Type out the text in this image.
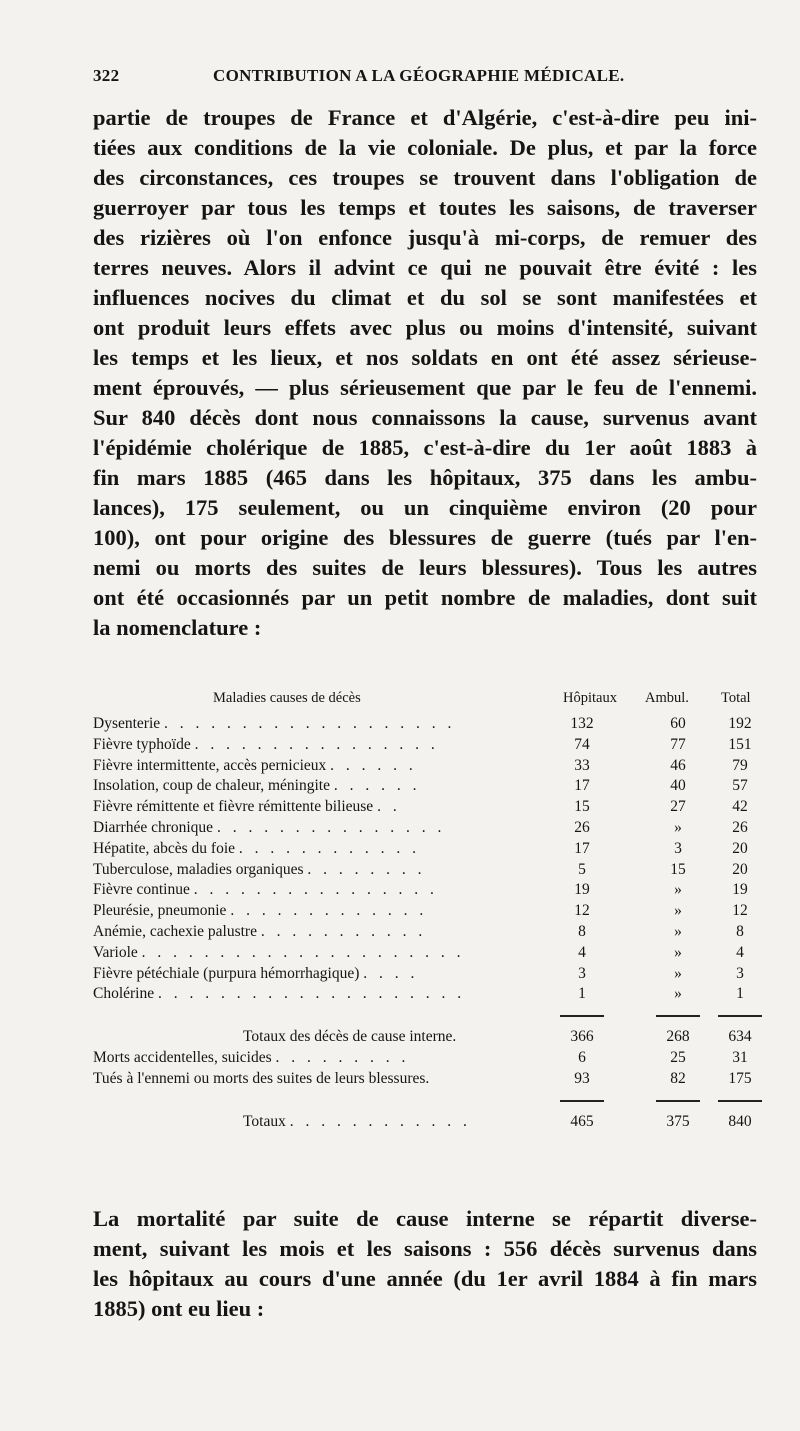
322	CONTRIBUTION A LA GÉOGRAPHIE MÉDICALE.
partie de troupes de France et d'Algérie, c'est-à-dire peu ini-
tiées aux conditions de la vie coloniale. De plus, et par la force
des circonstances, ces troupes se trouvent dans l'obligation de
guerroyer par tous les temps et toutes les saisons, de traverser
des rizières où l'on enfonce jusqu'à mi-corps, de remuer des
terres neuves. Alors il advint ce qui ne pouvait être évité : les
influences nocives du climat et du sol se sont manifestées et
ont produit leurs effets avec plus ou moins d'intensité, suivant
les temps et les lieux, et nos soldats en ont été assez sérieuse-
ment éprouvés, — plus sérieusement que par le feu de l'ennemi.
Sur 840 décès dont nous connaissons la cause, survenus avant
l'épidémie cholérique de 1885, c'est-à-dire du 1er août 1883 à
fin mars 1885 (465 dans les hôpitaux, 375 dans les ambu-
lances), 175 seulement, ou un cinquième environ (20 pour
100), ont pour origine des blessures de guerre (tués par l'en-
nemi ou morts des suites de leurs blessures). Tous les autres
ont été occasionnés par un petit nombre de maladies, dont suit
la nomenclature :
Maladies causes de décès	Hôpitaux Ambul. Total
Dysenterie . . . . . . . . . . . . . . . . . . .	132	60	192
Fièvre typhoïde . . . . . . . . . . . . . . . .	74	77	151
Fièvre intermittente, accès pernicieux . . . . . .	33	46	79
Insolation, coup de chaleur, méningite . . . . . .	17	40	57
Fièvre rémittente et fièvre rémittente bilieuse . .	15	27	42
Diarrhée chronique . . . . . . . . . . . . . . .	26	»	26
Hépatite, abcès du foie . . . . . . . . . . . .	17	3	20
Tuberculose, maladies organiques . . . . . . . .	5	15	20
Fièvre continue . . . . . . . . . . . . . . . .	19	»	19
Pleurésie, pneumonie . . . . . . . . . . . . .	12	»	12
Anémie, cachexie palustre . . . . . . . . . . .	8	»	8
Variole . . . . . . . . . . . . . . . . . . . . .	4	»	4
Fièvre pétéchiale (purpura hémorrhagique) . . . .	3	»	3
Cholérine . . . . . . . . . . . . . . . . . . . .	1	»	1
Totaux des décès de cause interne.	366	268	634
Morts accidentelles, suicides . . . . . . . . .	6	25	31
Tués à l'ennemi ou morts des suites de leurs blessures.	93	82	175
Totaux . . . . . . . . . . . .	465	375	840
La mortalité par suite de cause interne se répartit diverse-
ment, suivant les mois et les saisons : 556 décès survenus dans
les hôpitaux au cours d'une année (du 1er avril 1884 à fin mars
1885) ont eu lieu :
